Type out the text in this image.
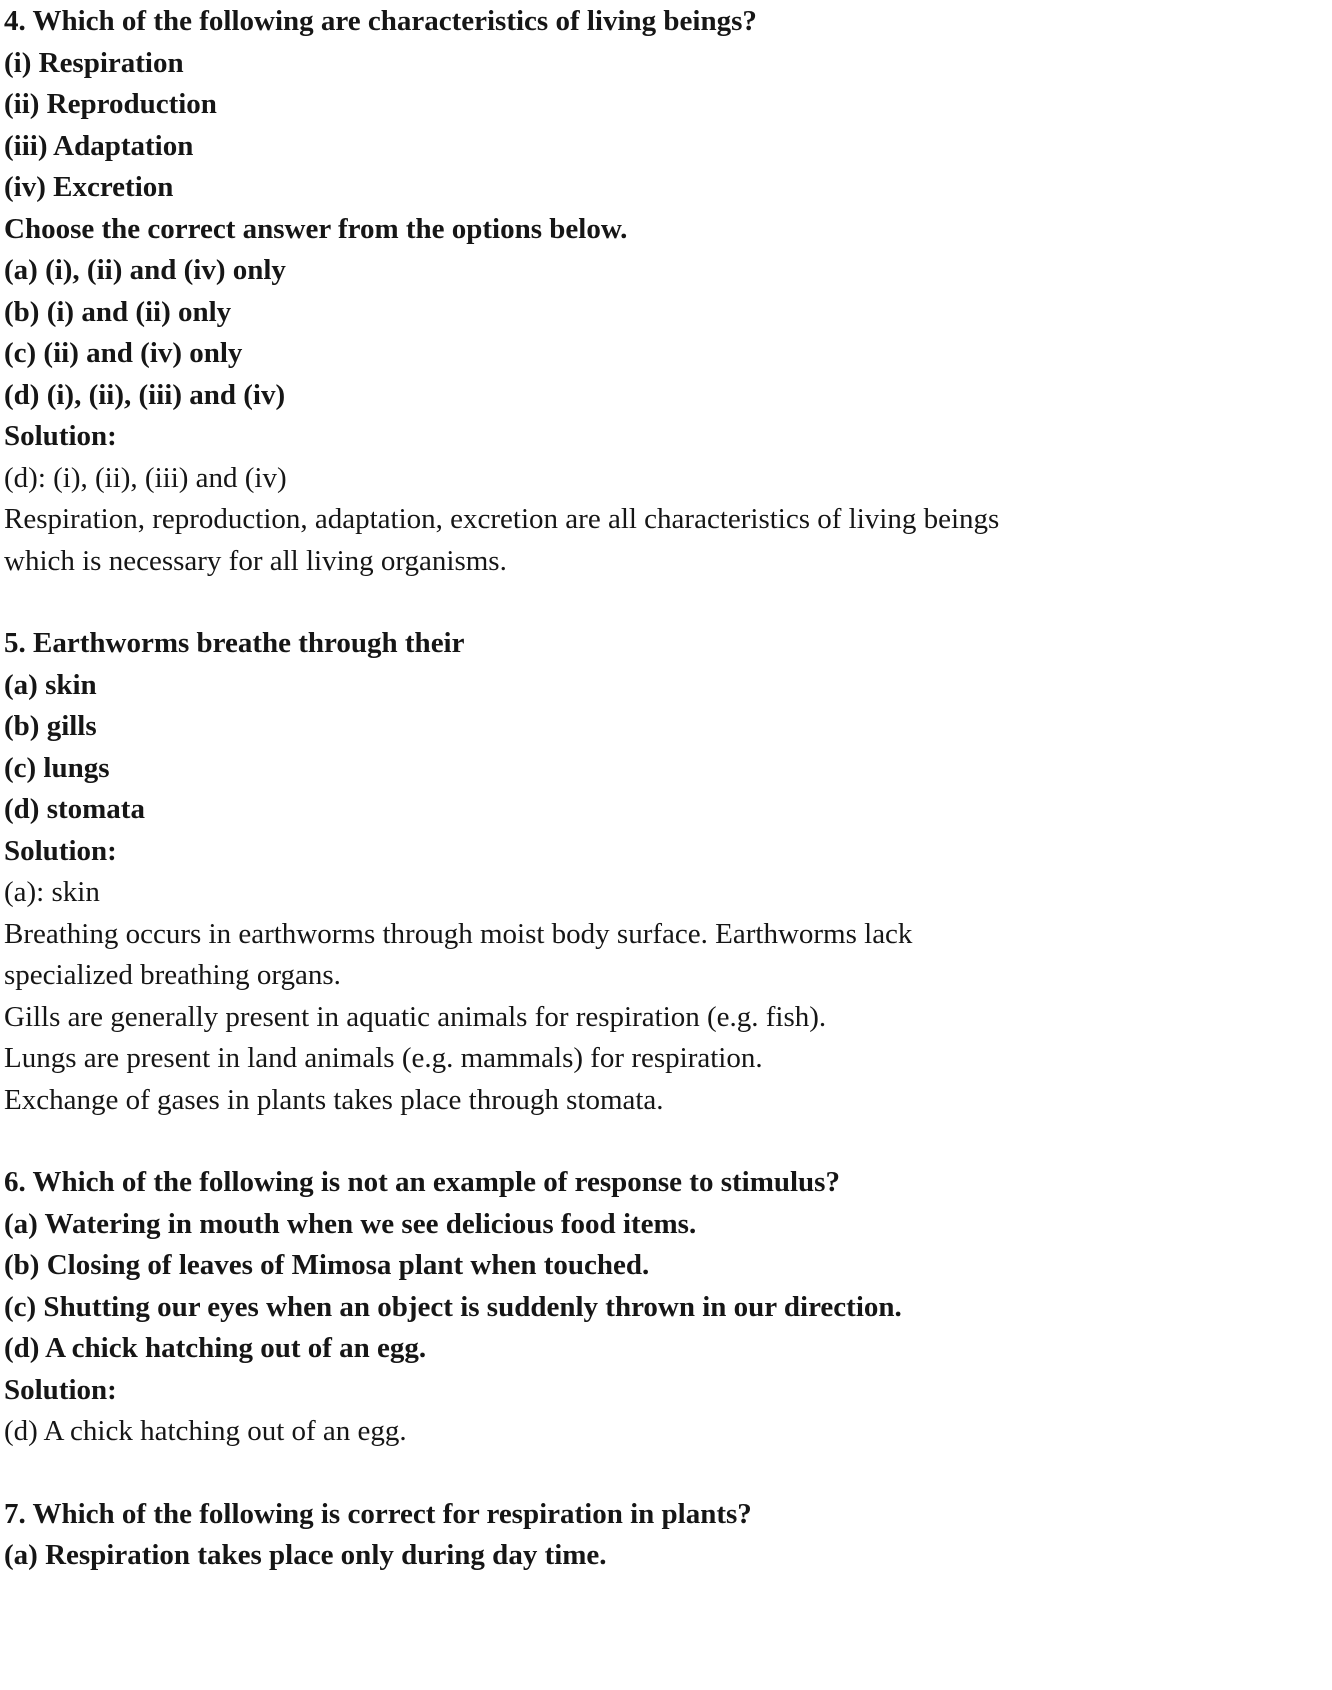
4. Which of the following are characteristics of living beings?

(i) Respiration

(ii) Reproduction

(iii) Adaptation

(iv) Excretion

Choose the correct answer from the options below.

(a) (i), (ii) and (iv) only

(b) (i) and (ii) only

(c) (ii) and (iv) only

(d) (i), (ii), (iii) and (iv)

Solution:

(d): (i), (ii), (iii) and (iv)

Respiration, reproduction, adaptation, excretion are all characteristics of living beings

which is necessary for all living organisms.

5. Earthworms breathe through their

(a) skin

(b) gills

(c) lungs

(d) stomata

Solution:

(a): skin

Breathing occurs in earthworms through moist body surface. Earthworms lack

specialized breathing organs.

Gills are generally present in aquatic animals for respiration (e.g. fish).

Lungs are present in land animals (e.g. mammals) for respiration.

Exchange of gases in plants takes place through stomata.

6. Which of the following is not an example of response to stimulus?

(a) Watering in mouth when we see delicious food items.

(b) Closing of leaves of Mimosa plant when touched.

(c) Shutting our eyes when an object is suddenly thrown in our direction.

(d) A chick hatching out of an egg.

Solution:

(d) A chick hatching out of an egg.

7. Which of the following is correct for respiration in plants?

(a) Respiration takes place only during day time.
